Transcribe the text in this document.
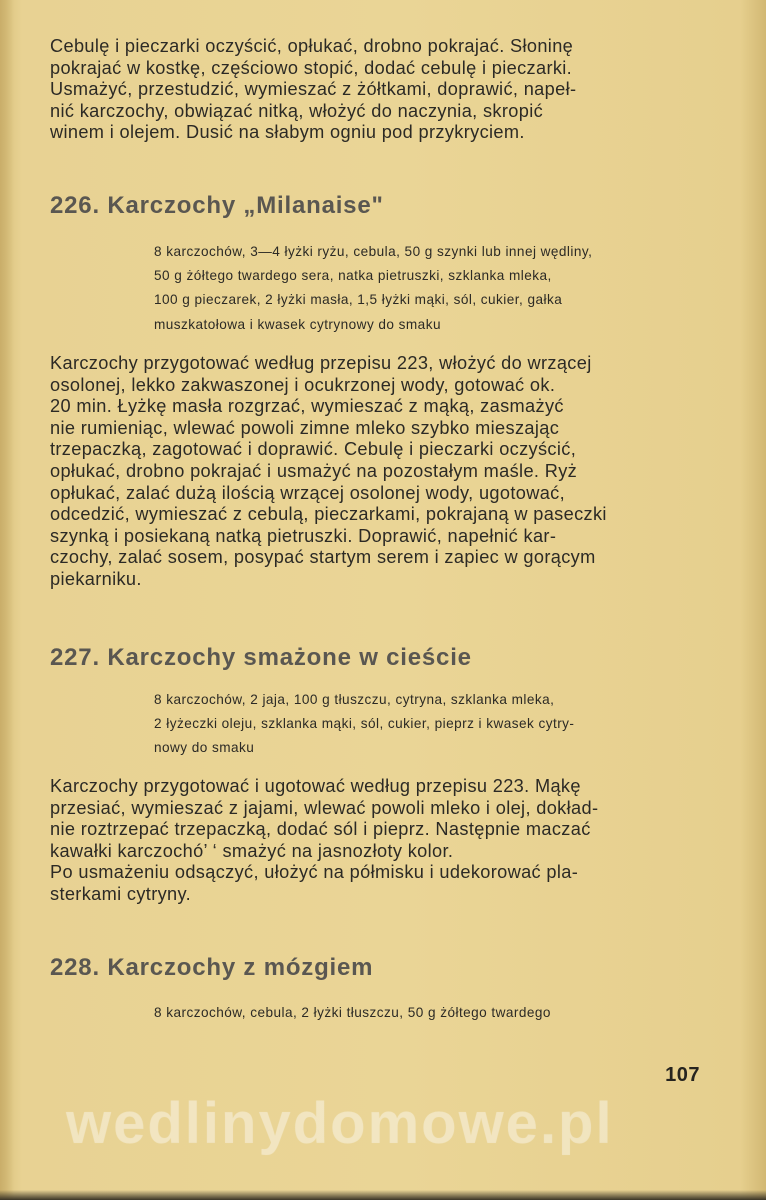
Cebulę i pieczarki oczyścić, opłukać, drobno pokrajać. Słoninę
pokrajać w kostkę, częściowo stopić, dodać cebulę i pieczarki.
Usmażyć, przestudzić, wymieszać z żółtkami, doprawić, napeł-
nić karczochy, obwiązać nitką, włożyć do naczynia, skropić
winem i olejem. Dusić na słabym ogniu pod przykryciem.

226. Karczochy „Milanaise"

8 karczochów, 3—4 łyżki ryżu, cebula, 50 g szynki lub innej wędliny,
50 g żółtego twardego sera, natka pietruszki, szklanka mleka,
100 g pieczarek, 2 łyżki masła, 1,5 łyżki mąki, sól, cukier, gałka
muszkatołowa i kwasek cytrynowy do smaku

Karczochy przygotować według przepisu 223, włożyć do wrzącej
osolonej, lekko zakwaszonej i ocukrzonej wody, gotować ok.
20 min. Łyżkę masła rozgrzać, wymieszać z mąką, zasmażyć
nie rumieniąc, wlewać powoli zimne mleko szybko mieszając
trzepaczką, zagotować i doprawić. Cebulę i pieczarki oczyścić,
opłukać, drobno pokrajać i usmażyć na pozostałym maśle. Ryż
opłukać, zalać dużą ilością wrzącej osolonej wody, ugotować,
odcedzić, wymieszać z cebulą, pieczarkami, pokrajaną w paseczki
szynką i posiekaną natką pietruszki. Doprawić, napełnić kar-
czochy, zalać sosem, posypać startym serem i zapiec w gorącym
piekarniku.

227. Karczochy smażone w cieście

8 karczochów, 2 jaja, 100 g tłuszczu, cytryna, szklanka mleka,
2 łyżeczki oleju, szklanka mąki, sól, cukier, pieprz i kwasek cytry-
nowy do smaku

Karczochy przygotować i ugotować według przepisu 223. Mąkę
przesiać, wymieszać z jajami, wlewać powoli mleko i olej, dokład-
nie roztrzepać trzepaczką, dodać sól i pieprz. Następnie maczać
kawałki karczochó’ ‘ smażyć na jasnozłoty kolor.
Po usmażeniu odsączyć, ułożyć na półmisku i udekorować pla-
sterkami cytryny.

228. Karczochy z mózgiem

8 karczochów, cebula, 2 łyżki tłuszczu, 50 g żółtego twardego

107
wedlinydomowe.pl
